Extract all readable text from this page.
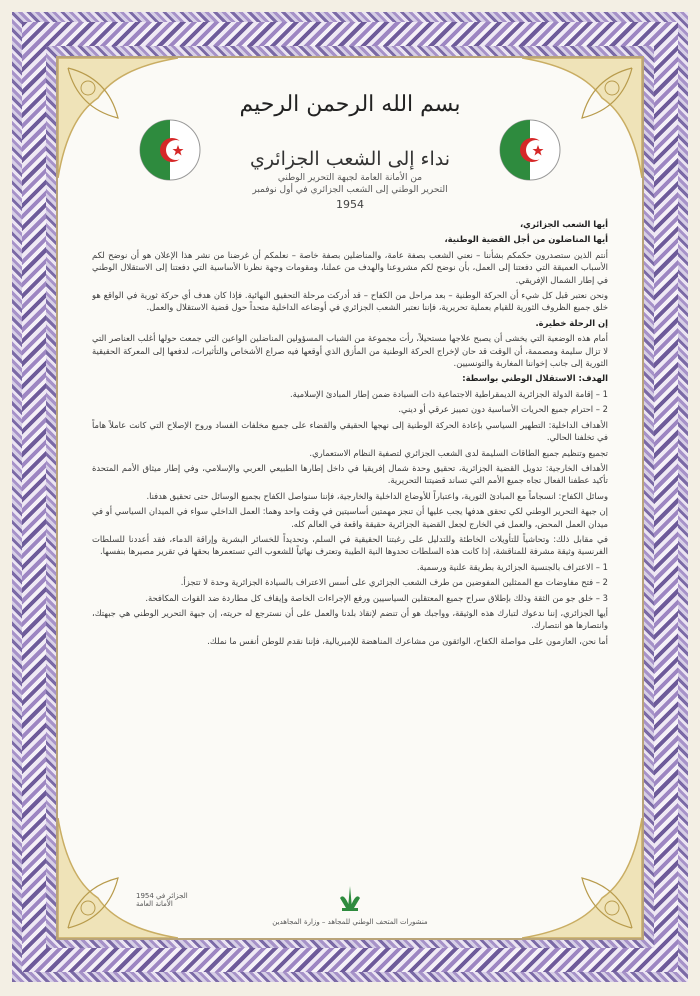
بسم الله الرحمن الرحيم
نداء إلى الشعب الجزائري
من الأمانة العامة لجبهة التحرير الوطني
التحرير الوطني إلى الشعب الجزائري في أول نوفمبر
1954

أيها الشعب الجزائري،

أيها المناضلون من أجل القضية الوطنية،

أنتم الذين ستصدرون حكمكم بشأننا – نعني الشعب بصفة عامة، والمناضلين بصفة خاصة – نعلمكم أن غرضنا من نشر هذا الإعلان هو أن نوضح لكم الأسباب العميقة التي دفعتنا إلى العمل، بأن نوضح لكم مشروعنا والهدف من عملنا، ومقومات وجهة نظرنا الأساسية التي دفعتنا إلى الاستقلال الوطني في إطار الشمال الإفريقي.

ونحن نعتبر قبل كل شيء أن الحركة الوطنية – بعد مراحل من الكفاح – قد أدركت مرحلة التحقيق النهائية. فإذا كان هدف أي حركة ثورية في الواقع هو خلق جميع الظروف الثورية للقيام بعملية تحريرية، فإننا نعتبر الشعب الجزائري في أوضاعه الداخلية متحداً حول قضية الاستقلال والعمل.

إن الرحلة خطيرة.

أمام هذه الوضعية التي يخشى أن يصبح علاجها مستحيلاً، رأت مجموعة من الشباب المسؤولين المناضلين الواعين التي جمعت حولها أغلب العناصر التي لا تزال سليمة ومصممة، أن الوقت قد حان لإخراج الحركة الوطنية من المأزق الذي أوقعها فيه صراع الأشخاص والتأثيرات، لدفعها إلى المعركة الحقيقية الثورية إلى جانب إخواننا المغاربة والتونسيين.

الهدف: الاستقلال الوطني بواسطة:

1 – إقامة الدولة الجزائرية الديمقراطية الاجتماعية ذات السيادة ضمن إطار المبادئ الإسلامية.

2 – احترام جميع الحريات الأساسية دون تمييز عرقي أو ديني.

الأهداف الداخلية: التطهير السياسي بإعادة الحركة الوطنية إلى نهجها الحقيقي والقضاء على جميع مخلفات الفساد وروح الإصلاح التي كانت عاملاً هاماً في تخلفنا الحالي.

تجميع وتنظيم جميع الطاقات السليمة لدى الشعب الجزائري لتصفية النظام الاستعماري.

الأهداف الخارجية: تدويل القضية الجزائرية، تحقيق وحدة شمال إفريقيا في داخل إطارها الطبيعي العربي والإسلامي، وفي إطار ميثاق الأمم المتحدة تأكيد عطفنا الفعال تجاه جميع الأمم التي تساند قضيتنا التحريرية.

وسائل الكفاح: انسجاماً مع المبادئ الثورية، واعتباراً للأوضاع الداخلية والخارجية، فإننا سنواصل الكفاح بجميع الوسائل حتى تحقيق هدفنا.

إن جبهة التحرير الوطني لكي تحقق هدفها يجب عليها أن تنجز مهمتين أساسيتين في وقت واحد وهما: العمل الداخلي سواء في الميدان السياسي أو في ميدان العمل المحض، والعمل في الخارج لجعل القضية الجزائرية حقيقة واقعة في العالم كله.

في مقابل ذلك: وتحاشياً للتأويلات الخاطئة وللتدليل على رغبتنا الحقيقية في السلم، وتحديداً للخسائر البشرية وإراقة الدماء، فقد أعددنا للسلطات الفرنسية وثيقة مشرفة للمناقشة، إذا كانت هذه السلطات تحدوها النية الطيبة وتعترف نهائياً للشعوب التي تستعمرها بحقها في تقرير مصيرها بنفسها.

1 – الاعتراف بالجنسية الجزائرية بطريقة علنية ورسمية.

2 – فتح مفاوضات مع الممثلين المفوضين من طرف الشعب الجزائري على أسس الاعتراف بالسيادة الجزائرية وحدة لا تتجزأ.

3 – خلق جو من الثقة وذلك بإطلاق سراح جميع المعتقلين السياسيين ورفع الإجراءات الخاصة وإيقاف كل مطاردة ضد القوات المكافحة.

أيها الجزائري، إننا ندعوك لتبارك هذه الوثيقة، وواجبك هو أن تنضم لإنقاذ بلدنا والعمل على أن نسترجع له حريته، إن جبهة التحرير الوطني هي جبهتك، وانتصارها هو انتصارك.

أما نحن، العازمون على مواصلة الكفاح، الواثقون من مشاعرك المناهضة للإمبريالية، فإننا نقدم للوطن أنفس ما نملك.

الجزائر في 1954
الأمانة العامة
منشورات المتحف الوطني للمجاهد – وزارة المجاهدين
